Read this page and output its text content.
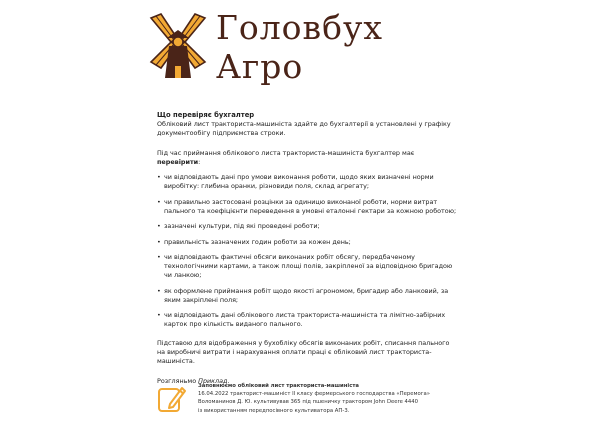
Головбух
Агро

Що перевіряє бухгалтер

Обліковий лист тракториста-машиніста здайте до бухгалтерії в установлені у графіку документообігу підприємства строки.

Під час приймання облікового листа тракториста-машиніста бухгалтер має перевірити:

• чи відповідають дані про умови виконання роботи, щодо яких визначені норми виробітку: глибина оранки, різновиди поля, склад агрегату;
• чи правильно застосовані розцінки за одиницю виконаної роботи, норми витрат пального та коефіцієнти переведення в умовні еталонні гектари за кожною роботою;
• зазначені культури, під які проведені роботи;
• правильність зазначених годин роботи за кожен день;
• чи відповідають фактичні обсяги виконаних робіт обсягу, передбаченому технологічними картами, а також площі полів, закріпленої за відповідною бригадою чи ланкою;
• як оформлене приймання робіт щодо якості агрономом, бригадир або ланковий, за яким закріплені поля;
• чи відповідають дані облікового листа тракториста-машиніста та лімітно-забірних карток про кількість виданого пального.

Підставою для відображення у бухобліку обсягів виконаних робіт, списання пального на виробничі витрати і нарахування оплати праці є обліковий лист тракториста-машиніста.

Розгляньмо Приклад.

Заповнюємо обліковий лист тракториста-машиніста
16.04.2022 тракторист-машиніст ІІ класу фермерського господарства «Перемога»
Воломанинов Д. Ю. культивував 365 під пшеничку трактором John Deere 4440
із використанням передпосівного культиватора АП-3.
